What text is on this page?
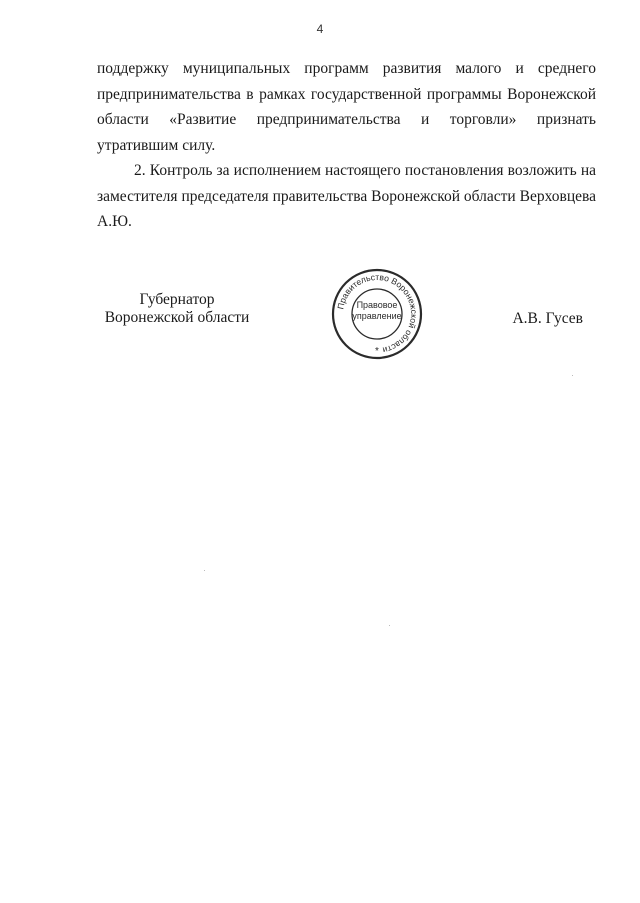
4

поддержку муниципальных программ развития малого и среднего предпринимательства в рамках государственной программы Воронежской области «Развитие предпринимательства и торговли» признать утратившим силу.

2. Контроль за исполнением настоящего постановления возложить на заместителя председателя правительства Воронежской области Верховцева А.Ю.

Губернатор
Воронежской области
Правительство Воронежской области
*
Правовое
управление	А.В. Гусев
